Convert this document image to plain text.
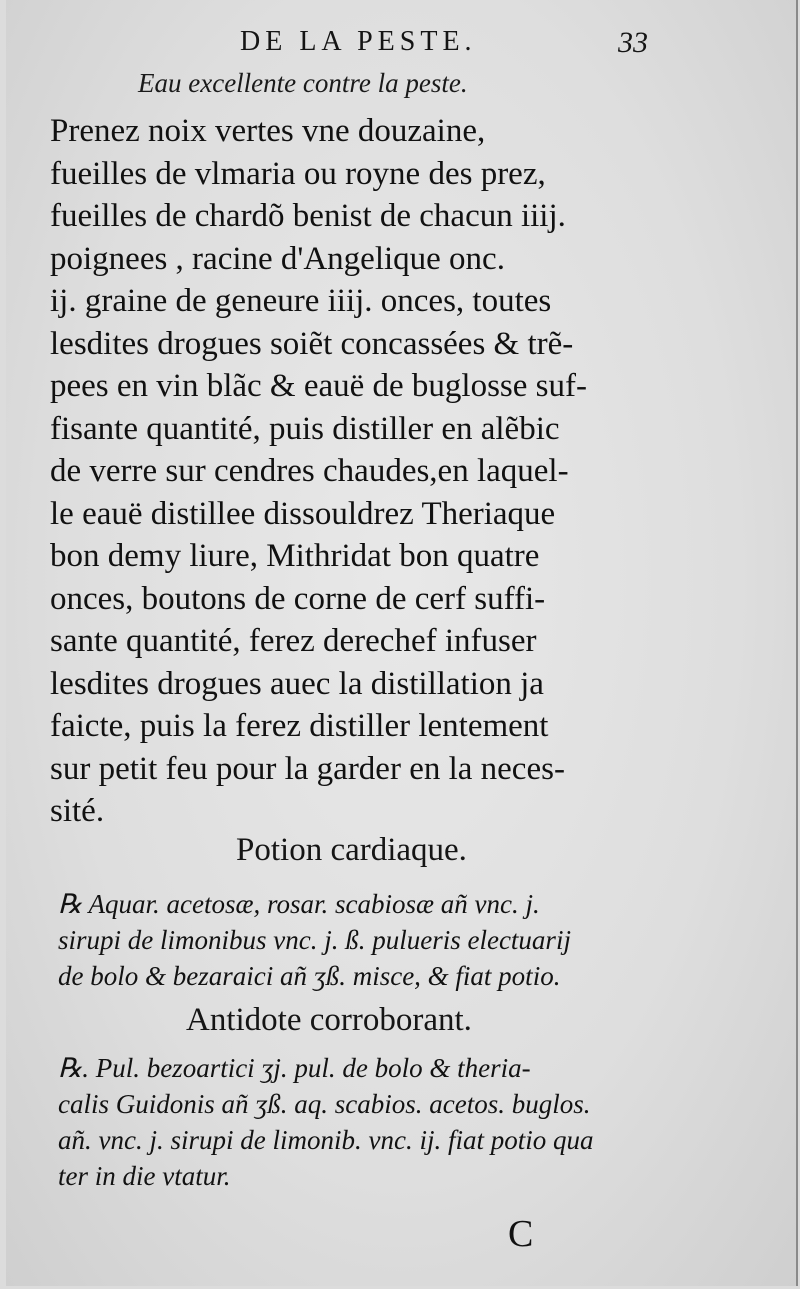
DE LA PESTE.	33
Eau excellente contre la peste.
Prenez noix vertes vne douzaine,
fueilles de vlmaria ou royne des prez,
fueilles de chardõ benist de chacun iiij.
poignees , racine d'Angelique onc.
ij. graine de geneure iiij. onces, toutes
lesdites drogues soiẽt concassées & trẽ-
pees en vin blãc & eauë de buglosse suf-
fisante quantité, puis distiller en alẽbic
de verre sur cendres chaudes,en laquel-
le eauë distillee dissouldrez Theriaque
bon demy liure, Mithridat bon quatre
onces, boutons de corne de cerf suffi-
sante quantité, ferez derechef infuser
lesdites drogues auec la distillation ja
faicte, puis la ferez distiller lentement
sur petit feu pour la garder en la neces-
sité.
Potion cardiaque.
℞ Aquar. acetosæ, rosar. scabiosæ añ vnc. j.
sirupi de limonibus vnc. j. ß. pulueris electuarij
de bolo & bezaraici añ ʒß. misce, & fiat potio.
Antidote corroborant.
℞. Pul. bezoartici ʒj. pul. de bolo & theria-
calis Guidonis añ ʒß. aq. scabios. acetos. buglos.
añ. vnc. j. sirupi de limonib. vnc. ij. fiat potio qua
ter in die vtatur.
C
